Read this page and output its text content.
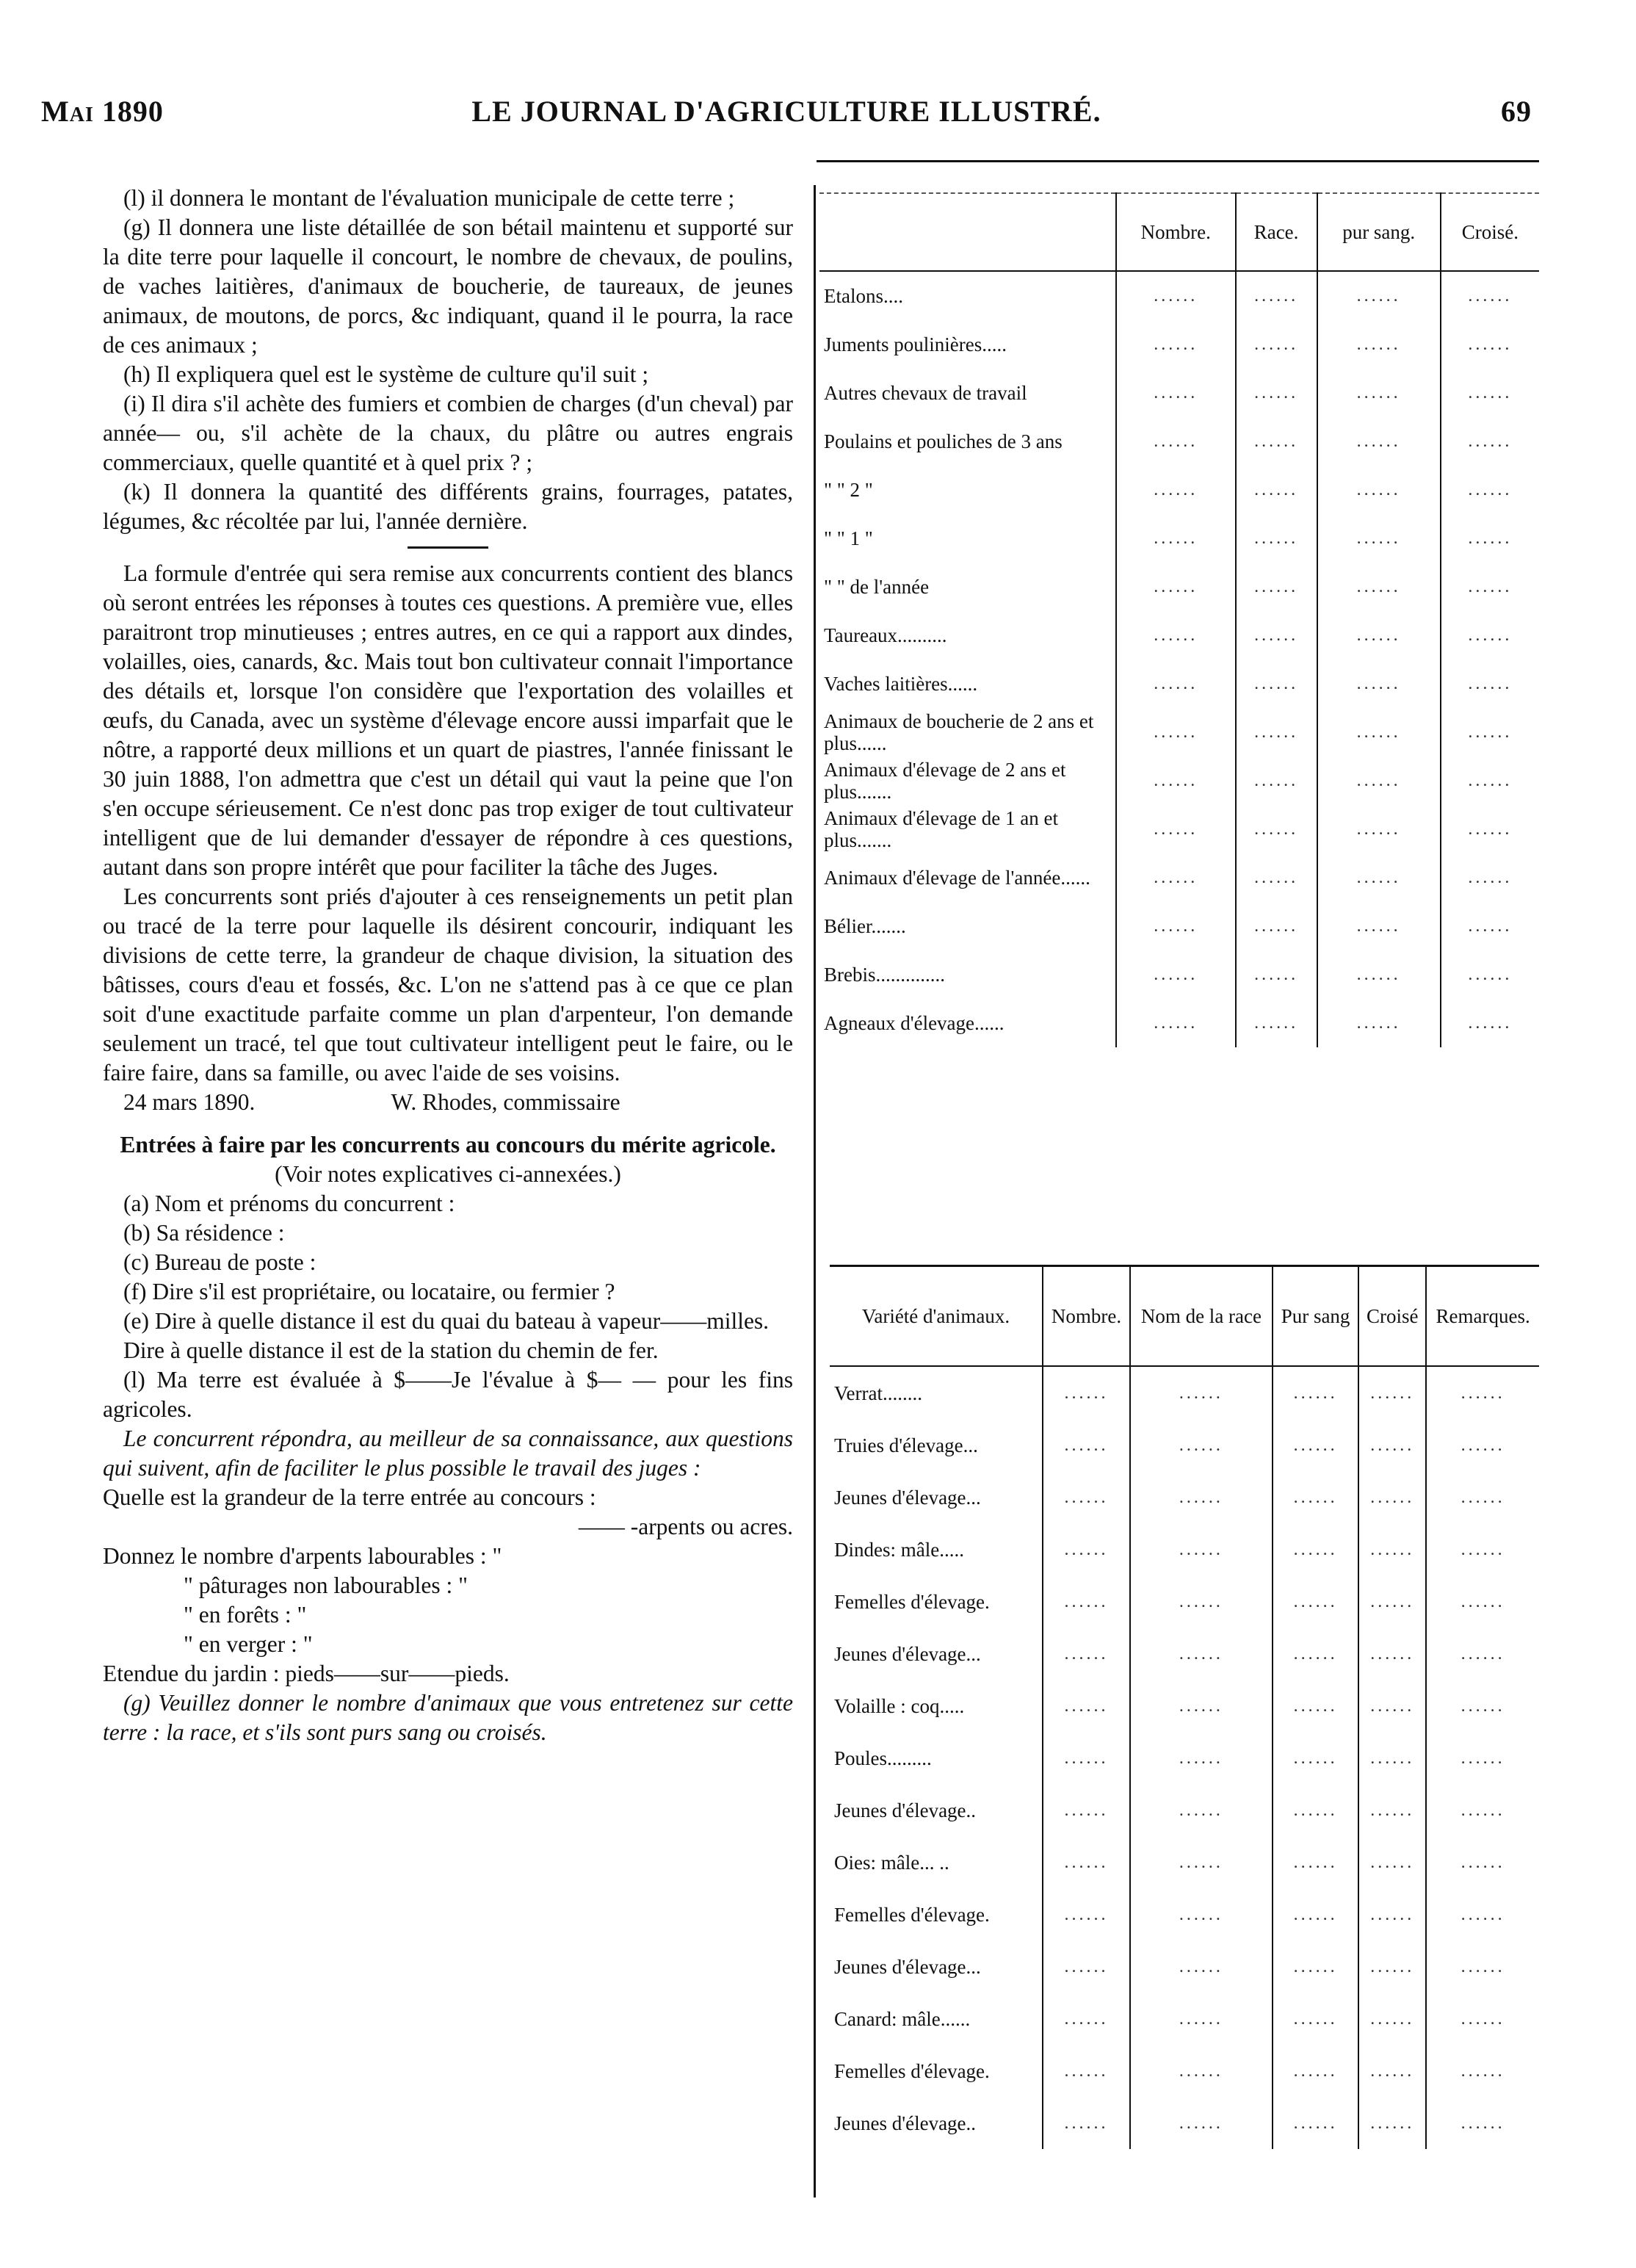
Mai 1890	LE JOURNAL D'AGRICULTURE ILLUSTRÉ.	69

(l) il donnera le montant de l'évaluation municipale de cette terre ;

(g) Il donnera une liste détaillée de son bétail maintenu et supporté sur la dite terre pour laquelle il concourt, le nombre de chevaux, de poulins, de vaches laitières, d'animaux de boucherie, de taureaux, de jeunes animaux, de moutons, de porcs, &c indiquant, quand il le pourra, la race de ces animaux ;

(h) Il expliquera quel est le système de culture qu'il suit ;

(i) Il dira s'il achète des fumiers et combien de charges (d'un cheval) par année— ou, s'il achète de la chaux, du plâtre ou autres engrais commerciaux, quelle quantité et à quel prix ? ;

(k) Il donnera la quantité des différents grains, fourrages, patates, légumes, &c récoltée par lui, l'année dernière.

La formule d'entrée qui sera remise aux concurrents contient des blancs où seront entrées les réponses à toutes ces questions. A première vue, elles paraitront trop minutieuses ; entres autres, en ce qui a rapport aux dindes, volailles, oies, canards, &c. Mais tout bon cultivateur connait l'importance des détails et, lorsque l'on considère que l'exportation des volailles et œufs, du Canada, avec un système d'élevage encore aussi imparfait que le nôtre, a rapporté deux millions et un quart de piastres, l'année finissant le 30 juin 1888, l'on admettra que c'est un détail qui vaut la peine que l'on s'en occupe sérieusement. Ce n'est donc pas trop exiger de tout cultivateur intelligent que de lui demander d'essayer de répondre à ces questions, autant dans son propre intérêt que pour faciliter la tâche des Juges.

Les concurrents sont priés d'ajouter à ces renseignements un petit plan ou tracé de la terre pour laquelle ils désirent concourir, indiquant les divisions de cette terre, la grandeur de chaque division, la situation des bâtisses, cours d'eau et fossés, &c. L'on ne s'attend pas à ce que ce plan soit d'une exactitude parfaite comme un plan d'arpenteur, l'on demande seulement un tracé, tel que tout cultivateur intelligent peut le faire, ou le faire faire, dans sa famille, ou avec l'aide de ses voisins.

24 mars 1890.	W. Rhodes, commissaire

Entrées à faire par les concurrents au concours du mérite agricole.

(Voir notes explicatives ci-annexées.)

(a) Nom et prénoms du concurrent :

(b) Sa résidence :

(c) Bureau de poste :

(f) Dire s'il est propriétaire, ou locataire, ou fermier ?

(e) Dire à quelle distance il est du quai du bateau à vapeur——milles.

Dire à quelle distance il est de la station du chemin de fer.

(l) Ma terre est évaluée à $——Je l'évalue à $— — pour les fins agricoles.

Le concurrent répondra, au meilleur de sa connaissance, aux questions qui suivent, afin de faciliter le plus possible le travail des juges :

Quelle est la grandeur de la terre entrée au concours :

—— -arpents ou acres.

Donnez le nombre d'arpents labourables : "

" pâturages non labourables : "

" en forêts : "

" en verger : "

Etendue du jardin : pieds——sur——pieds.

(g) Veuillez donner le nombre d'animaux que vous entretenez sur cette terre : la race, et s'ils sont purs sang ou croisés.

	Nombre.	Race.	pur sang.	Croisé.
Etalons....	......	......	......	......
Juments poulinières.....	......	......	......	......
Autres chevaux de travail	......	......	......	......
Poulains et pouliches de 3 ans	......	......	......	......
" " 2 "	......	......	......	......
" " 1 "	......	......	......	......
" " de l'année	......	......	......	......
Taureaux..........	......	......	......	......
Vaches laitières......	......	......	......	......
Animaux de boucherie de 2 ans et plus......	......	......	......	......
Animaux d'élevage de 2 ans et plus.......	......	......	......	......
Animaux d'élevage de 1 an et plus.......	......	......	......	......
Animaux d'élevage de l'année......	......	......	......	......
Bélier.......	......	......	......	......
Brebis..............	......	......	......	......
Agneaux d'élevage......	......	......	......	......
Variété d'animaux.	Nombre.	Nom de la race	Pur sang	Croisé	Remarques.
Verrat........	......	......	......	......	......
Truies d'élevage...	......	......	......	......	......
Jeunes d'élevage...	......	......	......	......	......
Dindes: mâle.....	......	......	......	......	......
Femelles d'élevage.	......	......	......	......	......
Jeunes d'élevage...	......	......	......	......	......
Volaille : coq.....	......	......	......	......	......
Poules.........	......	......	......	......	......
Jeunes d'élevage..	......	......	......	......	......
Oies: mâle... ..	......	......	......	......	......
Femelles d'élevage.	......	......	......	......	......
Jeunes d'élevage...	......	......	......	......	......
Canard: mâle......	......	......	......	......	......
Femelles d'élevage.	......	......	......	......	......
Jeunes d'élevage..	......	......	......	......	......
